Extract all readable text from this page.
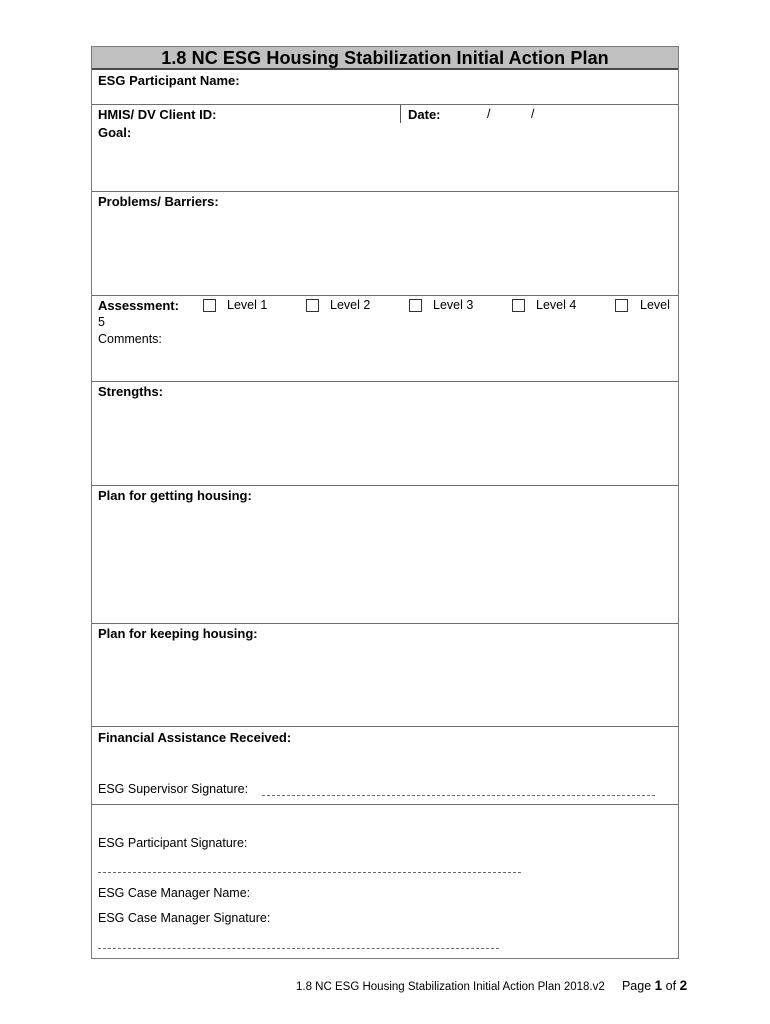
1.8 NC ESG Housing Stabilization Initial Action Plan
ESG Participant Name:
HMIS/ DV Client ID:	Date:	/	/
Goal:
Problems/ Barriers:
Assessment:	Level 1	Level 2	Level 3	Level 4	Level
5
Comments:
Strengths:
Plan for getting housing:
Plan for keeping housing:
Financial Assistance Received:
ESG Supervisor Signature:
ESG Participant Signature:
ESG Case Manager Name:
ESG Case Manager Signature:
1.8 NC ESG Housing Stabilization Initial Action Plan 2018.v2 Page 1 of 2
